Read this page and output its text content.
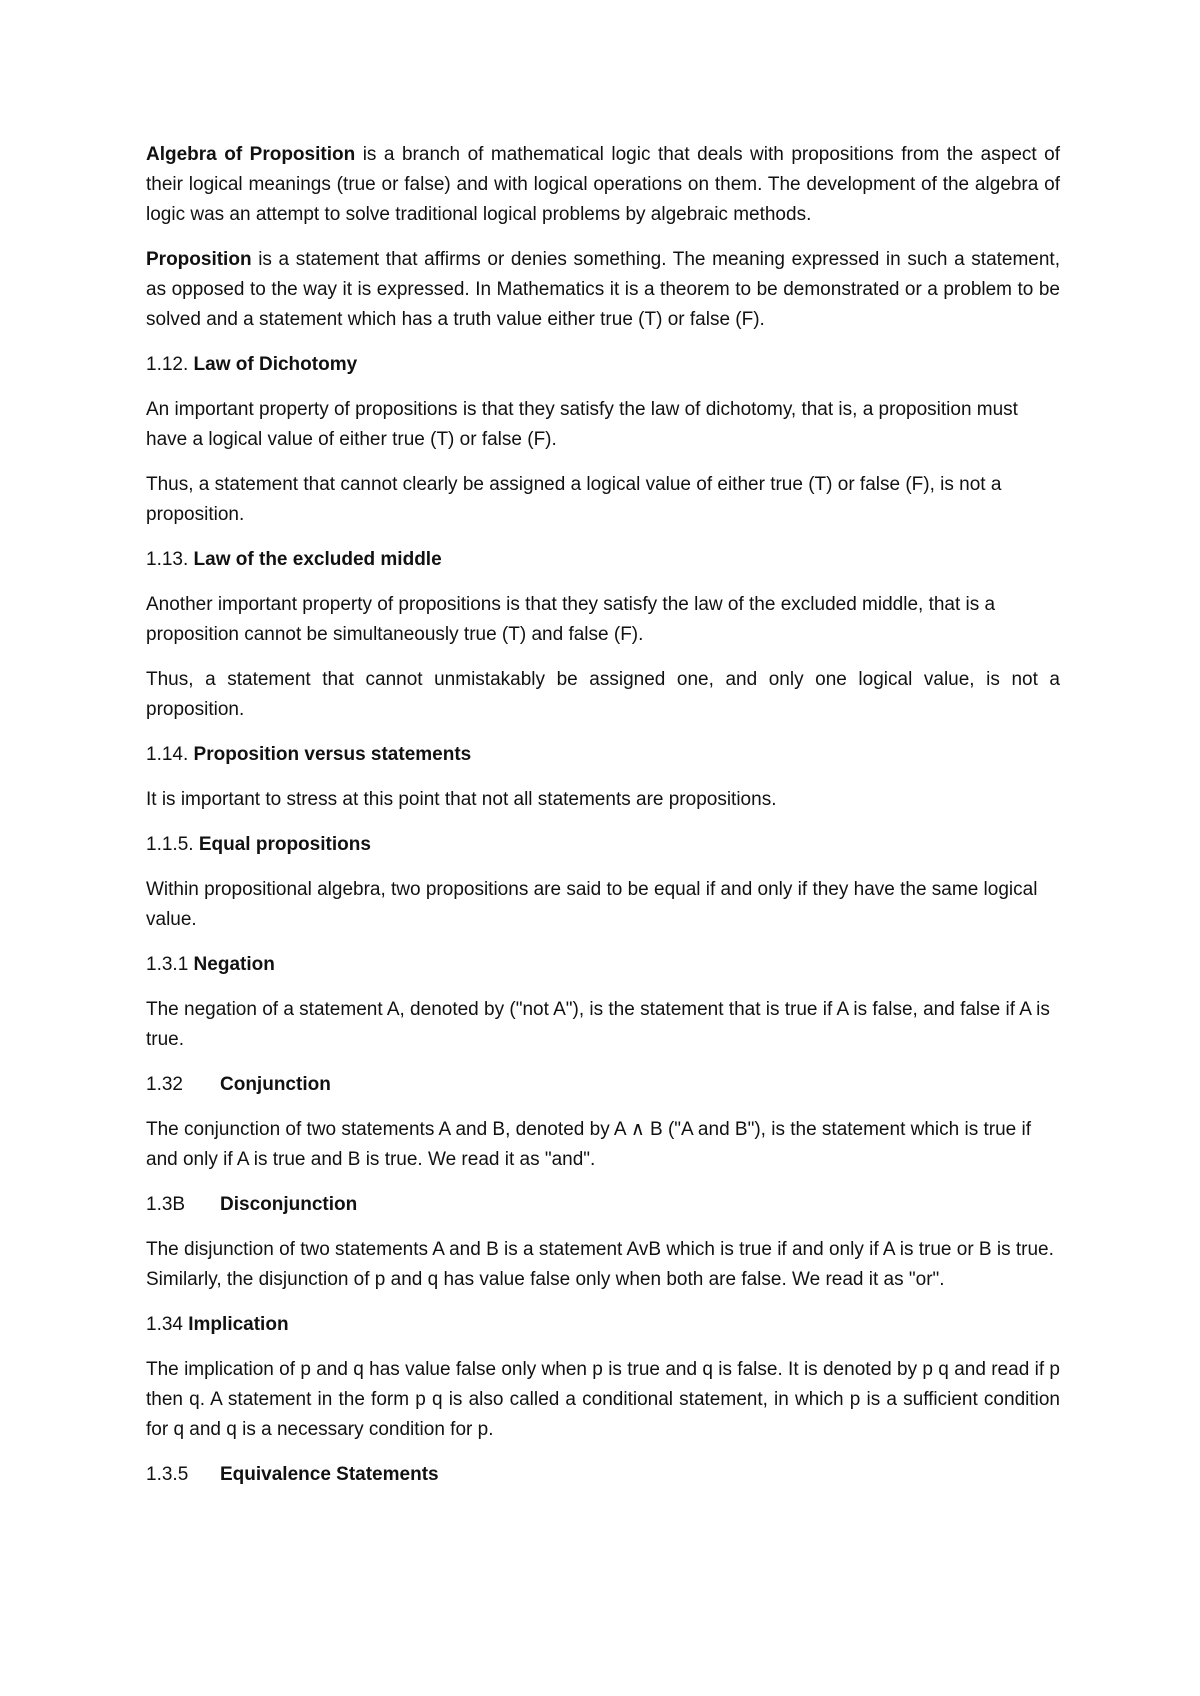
Algebra of Proposition is a branch of mathematical logic that deals with propositions from the aspect of their logical meanings (true or false) and with logical operations on them. The development of the algebra of logic was an attempt to solve traditional logical problems by algebraic methods.

Proposition is a statement that affirms or denies something. The meaning expressed in such a statement, as opposed to the way it is expressed. In Mathematics it is a theorem to be demonstrated or a problem to be solved and a statement which has a truth value either true (T) or false (F).

1.12. Law of Dichotomy

An important property of propositions is that they satisfy the law of dichotomy, that is, a proposition must have a logical value of either true (T) or false (F).

Thus, a statement that cannot clearly be assigned a logical value of either true (T) or false (F), is not a proposition.

1.13. Law of the excluded middle

Another important property of propositions is that they satisfy the law of the excluded middle, that is a proposition cannot be simultaneously true (T) and false (F).

Thus, a statement that cannot unmistakably be assigned one, and only one logical value, is not a proposition.

1.14. Proposition versus statements

It is important to stress at this point that not all statements are propositions.

1.1.5. Equal propositions

Within propositional algebra, two propositions are said to be equal if and only if they have the same logical value.

1.3.1 Negation

The negation of a statement A, denoted by ("not A"), is the statement that is true if A is false, and false if A is true.

1.32 Conjunction

The conjunction of two statements A and B, denoted by A ∧ B ("A and B"), is the statement which is true if and only if A is true and B is true. We read it as "and".

1.3B Disconjunction

The disjunction of two statements A and B is a statement AvB which is true if and only if A is true or B is true. Similarly, the disjunction of p and q has value false only when both are false. We read it as "or".

1.34 Implication

The implication of p and q has value false only when p is true and q is false. It is denoted by p q and read if p then q. A statement in the form p q is also called a conditional statement, in which p is a sufficient condition for q and q is a necessary condition for p.

1.3.5 Equivalence Statements
